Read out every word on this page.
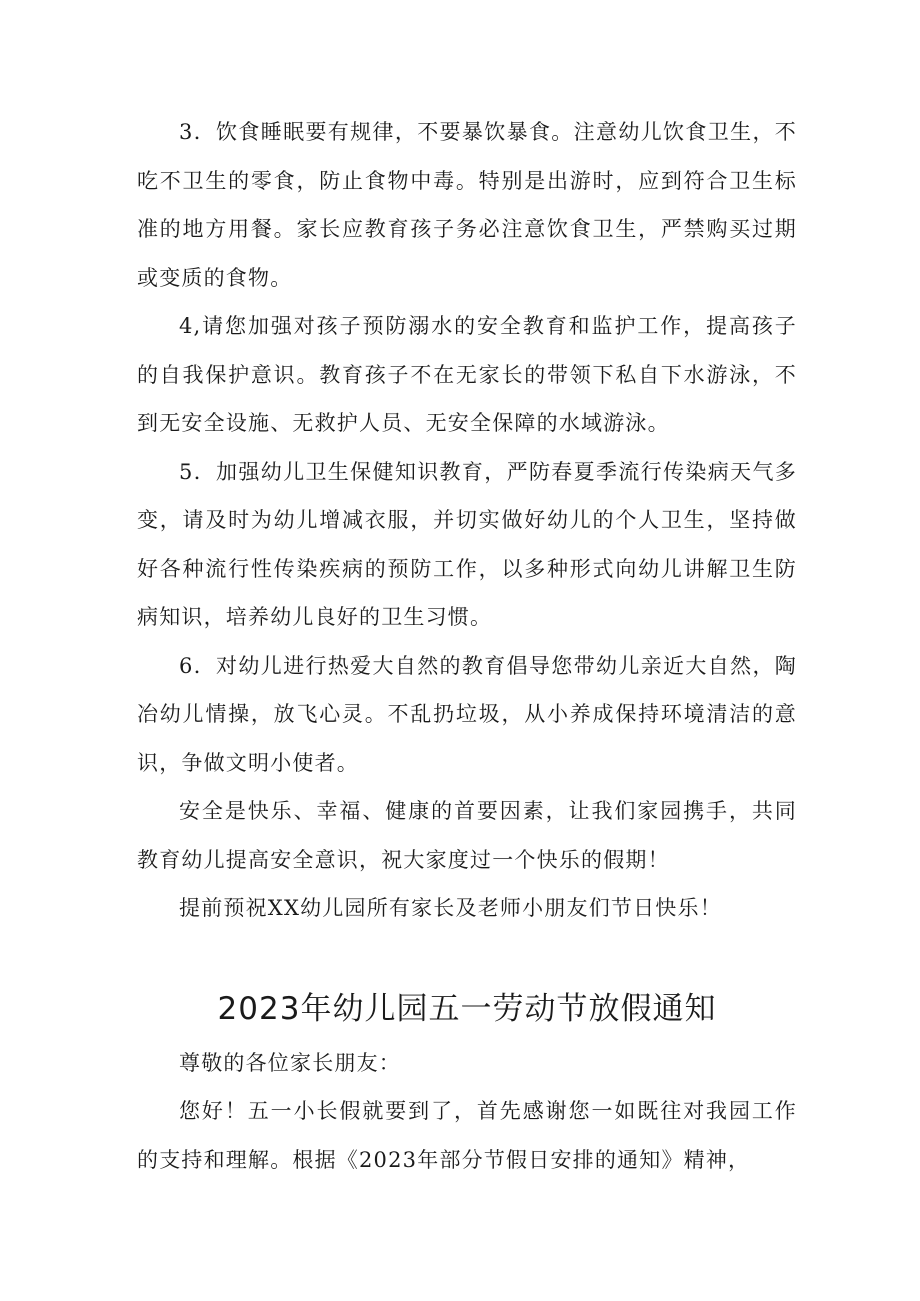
3．饮食睡眠要有规律，不要暴饮暴食。注意幼儿饮食卫生，不吃不卫生的零食，防止食物中毒。特别是出游时，应到符合卫生标准的地方用餐。家长应教育孩子务必注意饮食卫生，严禁购买过期或变质的食物。

4,请您加强对孩子预防溺水的安全教育和监护工作，提高孩子的自我保护意识。教育孩子不在无家长的带领下私自下水游泳，不到无安全设施、无救护人员、无安全保障的水域游泳。

5．加强幼儿卫生保健知识教育，严防春夏季流行传染病天气多变，请及时为幼儿增减衣服，并切实做好幼儿的个人卫生，坚持做好各种流行性传染疾病的预防工作，以多种形式向幼儿讲解卫生防病知识，培养幼儿良好的卫生习惯。

6．对幼儿进行热爱大自然的教育倡导您带幼儿亲近大自然，陶冶幼儿情操，放飞心灵。不乱扔垃圾，从小养成保持环境清洁的意识，争做文明小使者。

安全是快乐、幸福、健康的首要因素，让我们家园携手，共同教育幼儿提高安全意识，祝大家度过一个快乐的假期！

提前预祝XX幼儿园所有家长及老师小朋友们节日快乐！

2023年幼儿园五一劳动节放假通知

尊敬的各位家长朋友：

您好！五一小长假就要到了，首先感谢您一如既往对我园工作的支持和理解。根据《2023年部分节假日安排的通知》精神，
